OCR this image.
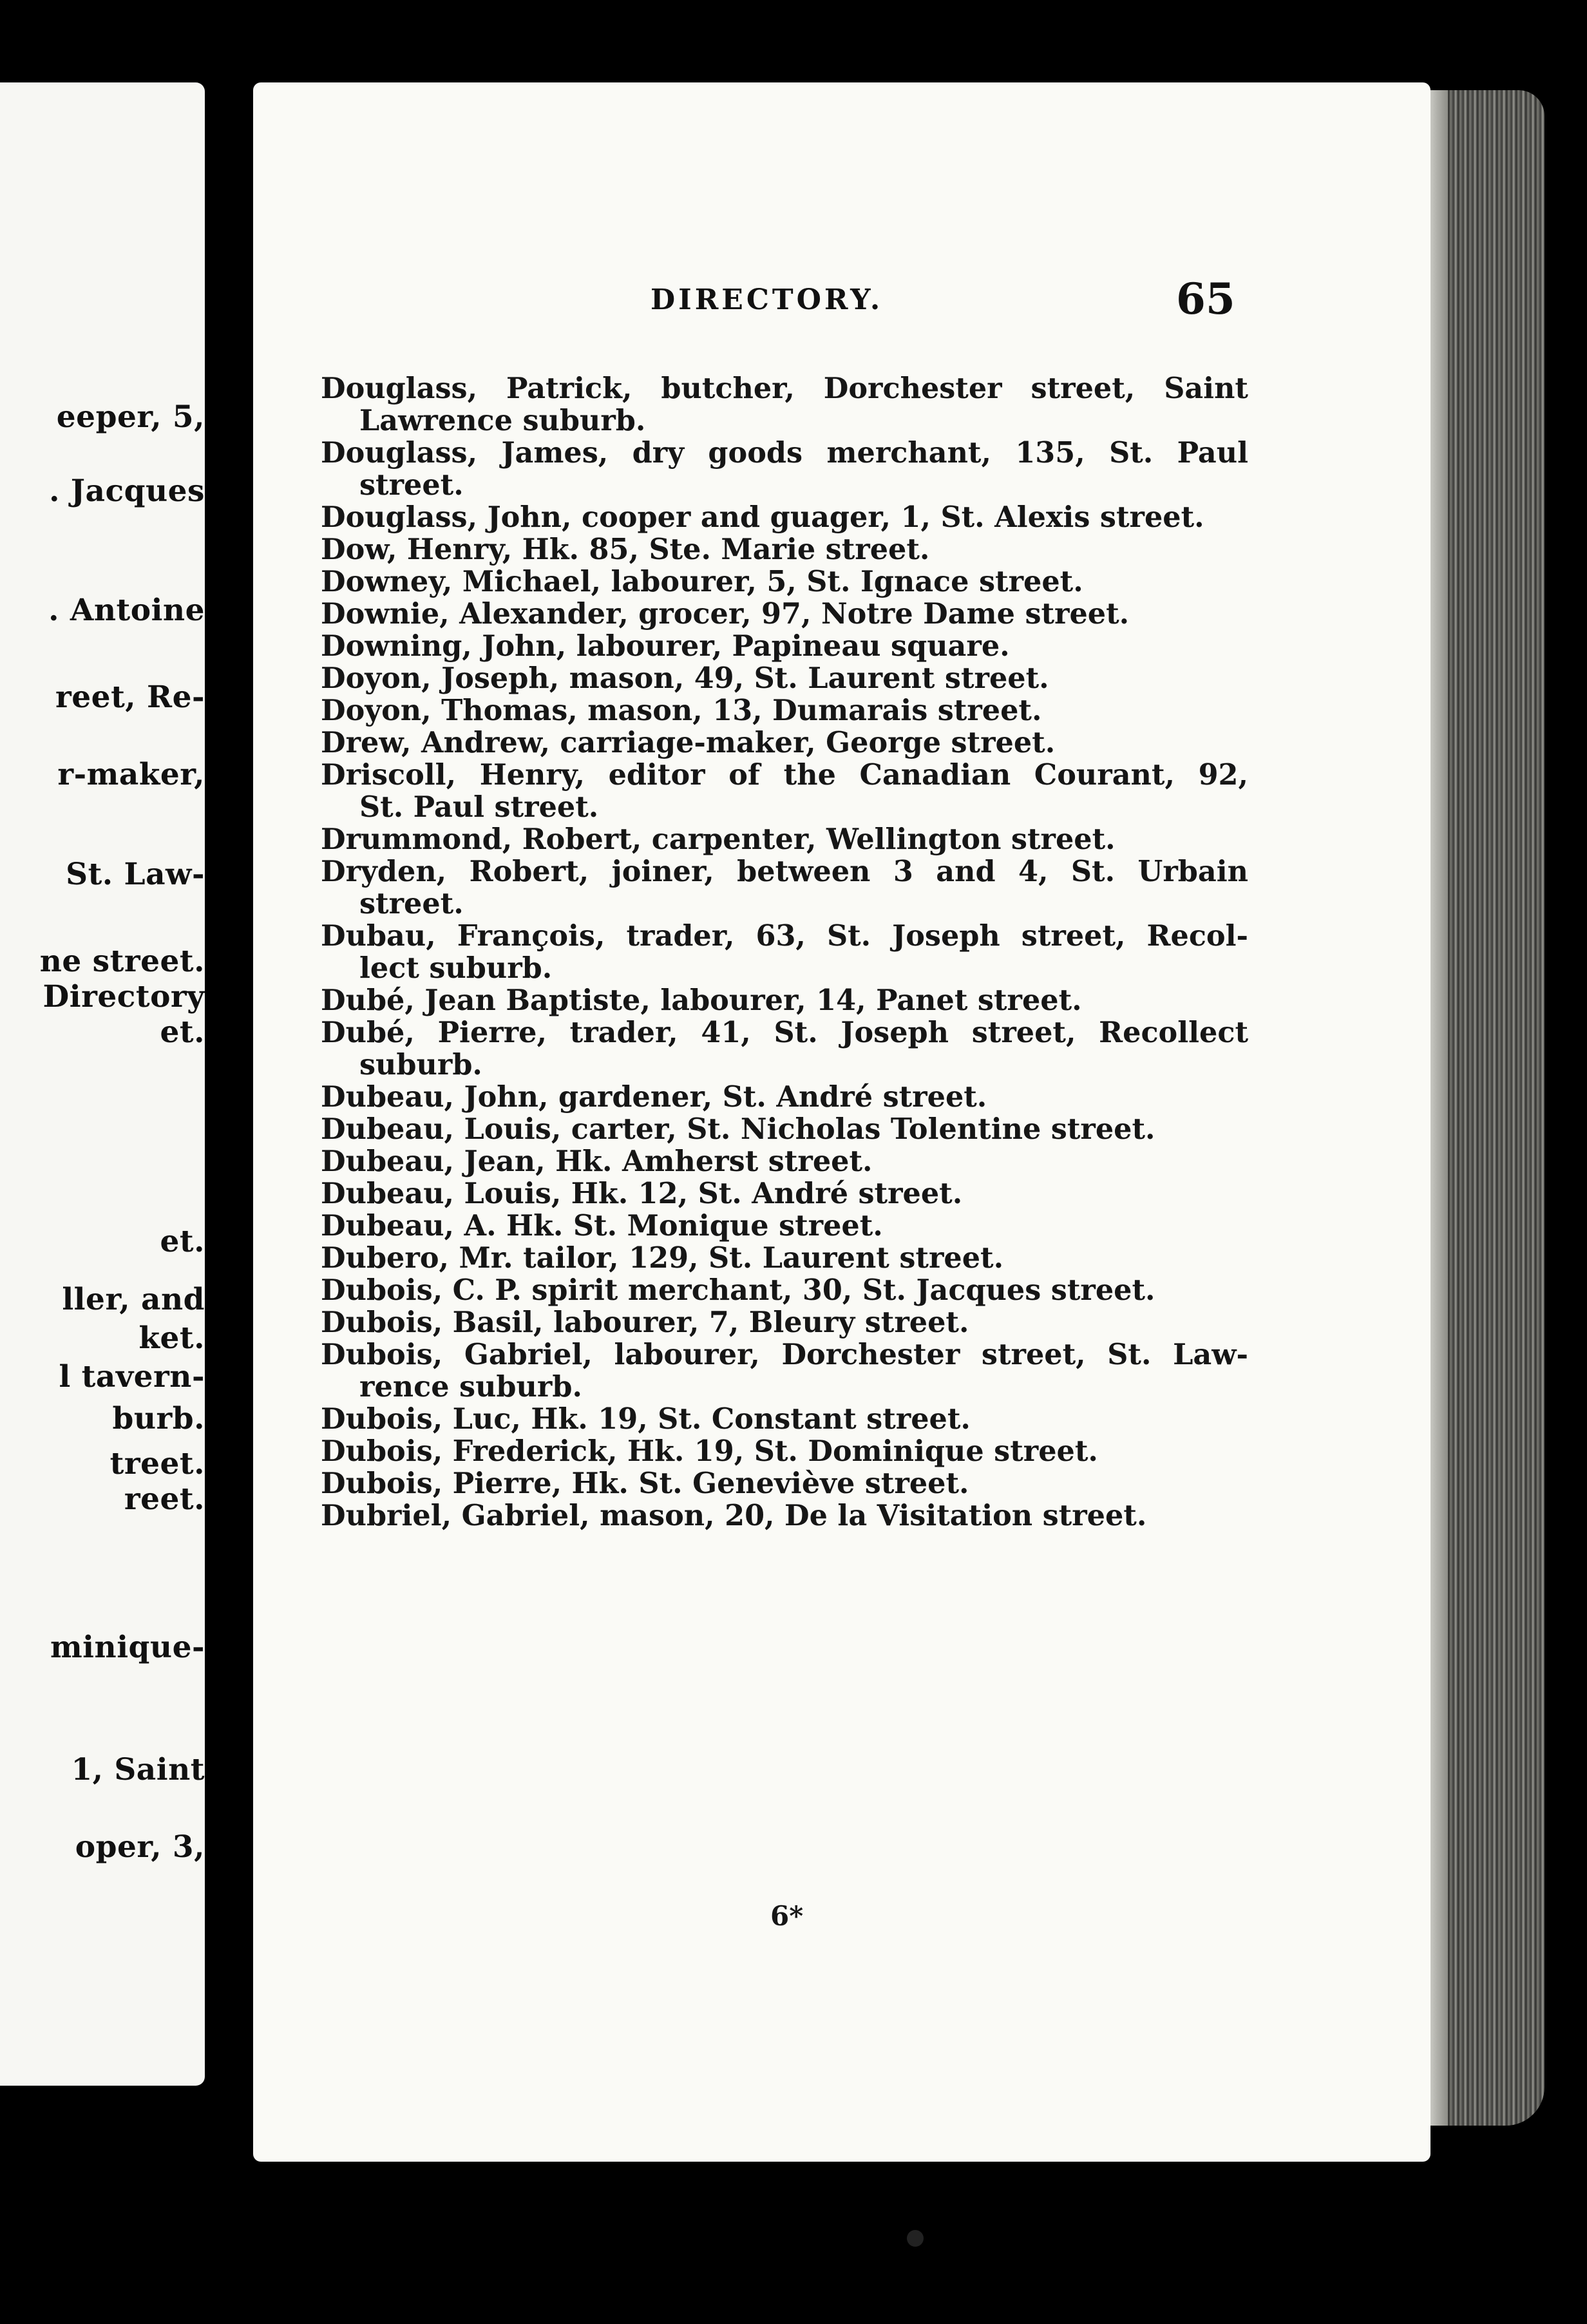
eeper, 5,
. Jacques
. Antoine
reet, Re-
r-maker,
St. Law-
ne street.
Directory
et.
et.
ller, and
ket.
l tavern-
burb.
treet.
reet.
minique-
1, Saint
oper, 3,
DIRECTORY.	65
Douglass, Patrick, butcher, Dorchester street, Saint
Lawrence suburb.
Douglass, James, dry goods merchant, 135, St. Paul
street.
Douglass, John, cooper and guager, 1, St. Alexis street.
Dow, Henry, Hk. 85, Ste. Marie street.
Downey, Michael, labourer, 5, St. Ignace street.
Downie, Alexander, grocer, 97, Notre Dame street.
Downing, John, labourer, Papineau square.
Doyon, Joseph, mason, 49, St. Laurent street.
Doyon, Thomas, mason, 13, Dumarais street.
Drew, Andrew, carriage-maker, George street.
Driscoll, Henry, editor of the Canadian Courant, 92,
St. Paul street.
Drummond, Robert, carpenter, Wellington street.
Dryden, Robert, joiner, between 3 and 4, St. Urbain
street.
Dubau, François, trader, 63, St. Joseph street, Recol-
lect suburb.
Dubé, Jean Baptiste, labourer, 14, Panet street.
Dubé, Pierre, trader, 41, St. Joseph street, Recollect
suburb.
Dubeau, John, gardener, St. André street.
Dubeau, Louis, carter, St. Nicholas Tolentine street.
Dubeau, Jean, Hk. Amherst street.
Dubeau, Louis, Hk. 12, St. André street.
Dubeau, A. Hk. St. Monique street.
Dubero, Mr. tailor, 129, St. Laurent street.
Dubois, C. P. spirit merchant, 30, St. Jacques street.
Dubois, Basil, labourer, 7, Bleury street.
Dubois, Gabriel, labourer, Dorchester street, St. Law-
rence suburb.
Dubois, Luc, Hk. 19, St. Constant street.
Dubois, Frederick, Hk. 19, St. Dominique street.
Dubois, Pierre, Hk. St. Geneviève street.
Dubriel, Gabriel, mason, 20, De la Visitation street.
6*
